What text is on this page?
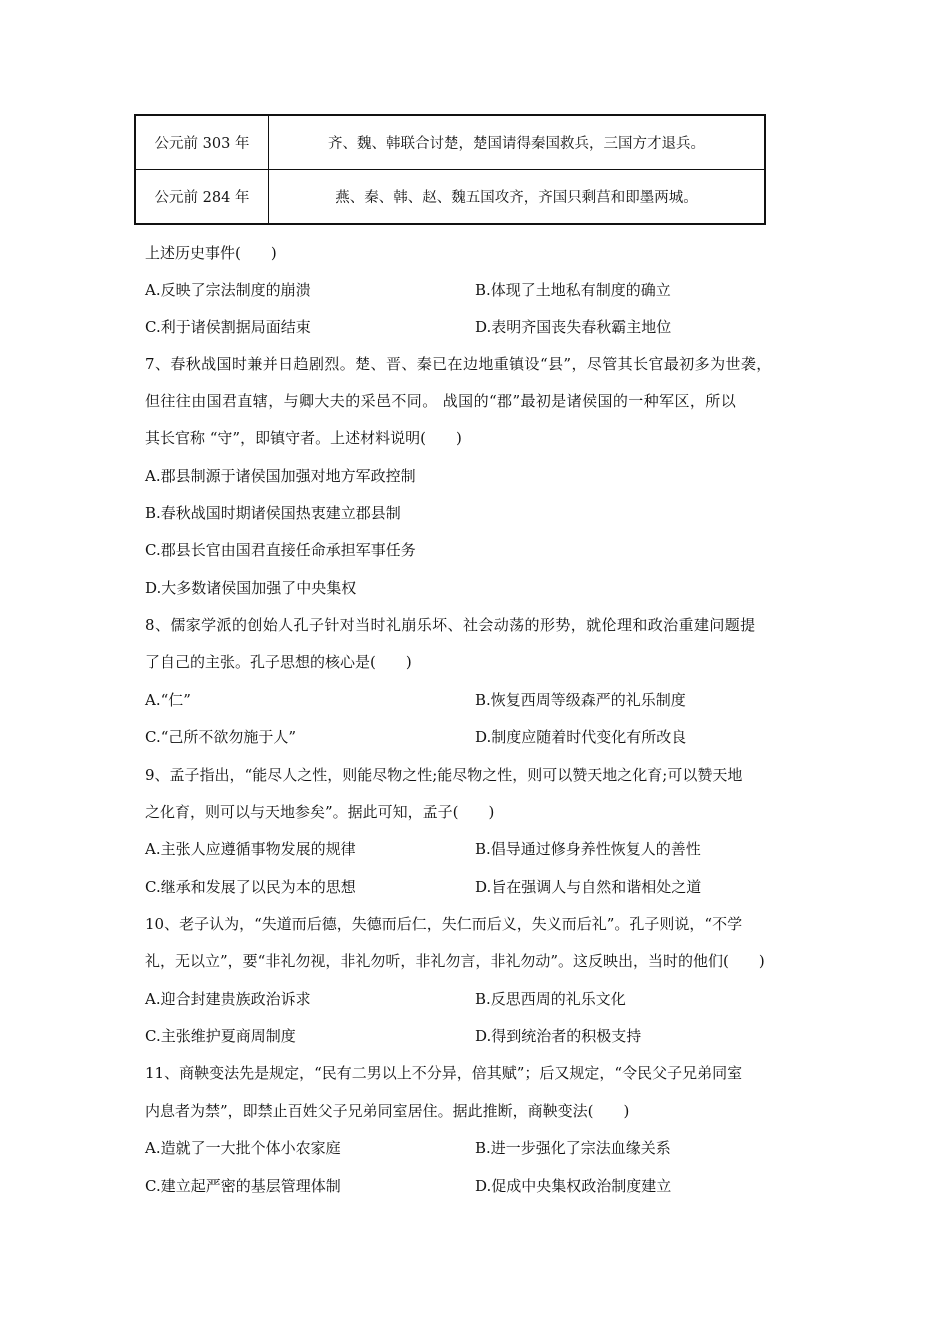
公元前 303 年	齐、魏、韩联合讨楚，楚国请得秦国救兵，三国方才退兵。
公元前 284 年	燕、秦、韩、赵、魏五国攻齐，齐国只剩莒和即墨两城。
上述历史事件(　　)
A.反映了宗法制度的崩溃	B.体现了土地私有制度的确立
C.利于诸侯割据局面结束	D.表明齐国丧失春秋霸主地位
7、春秋战国时兼并日趋剧烈。楚、晋、秦已在边地重镇设“县”，尽管其长官最初多为世袭，
但往往由国君直辖，与卿大夫的采邑不同。 战国的“郡”最初是诸侯国的一种军区，所以
其长官称 “守”，即镇守者。上述材料说明(　　)
A.郡县制源于诸侯国加强对地方军政控制
B.春秋战国时期诸侯国热衷建立郡县制
C.郡县长官由国君直接任命承担军事任务
D.大多数诸侯国加强了中央集权
8、儒家学派的创始人孔子针对当时礼崩乐坏、社会动荡的形势，就伦理和政治重建问题提
了自己的主张。孔子思想的核心是(　　)
A.“仁”	B.恢复西周等级森严的礼乐制度
C.“己所不欲勿施于人”	D.制度应随着时代变化有所改良
9、孟子指出，“能尽人之性，则能尽物之性;能尽物之性，则可以赞天地之化育;可以赞天地
之化育，则可以与天地参矣”。据此可知，孟子(　　)
A.主张人应遵循事物发展的规律	B.倡导通过修身养性恢复人的善性
C.继承和发展了以民为本的思想	D.旨在强调人与自然和谐相处之道
10、老子认为，“失道而后德，失德而后仁，失仁而后义，失义而后礼”。孔子则说，“不学
礼，无以立”，要“非礼勿视，非礼勿听，非礼勿言，非礼勿动”。这反映出，当时的他们(　　)
A.迎合封建贵族政治诉求	B.反思西周的礼乐文化
C.主张维护夏商周制度	D.得到统治者的积极支持
11、商鞅变法先是规定，“民有二男以上不分异，倍其赋”；后又规定，“令民父子兄弟同室
内息者为禁”，即禁止百姓父子兄弟同室居住。据此推断，商鞅变法(　　)
A.造就了一大批个体小农家庭	B.进一步强化了宗法血缘关系
C.建立起严密的基层管理体制	D.促成中央集权政治制度建立
